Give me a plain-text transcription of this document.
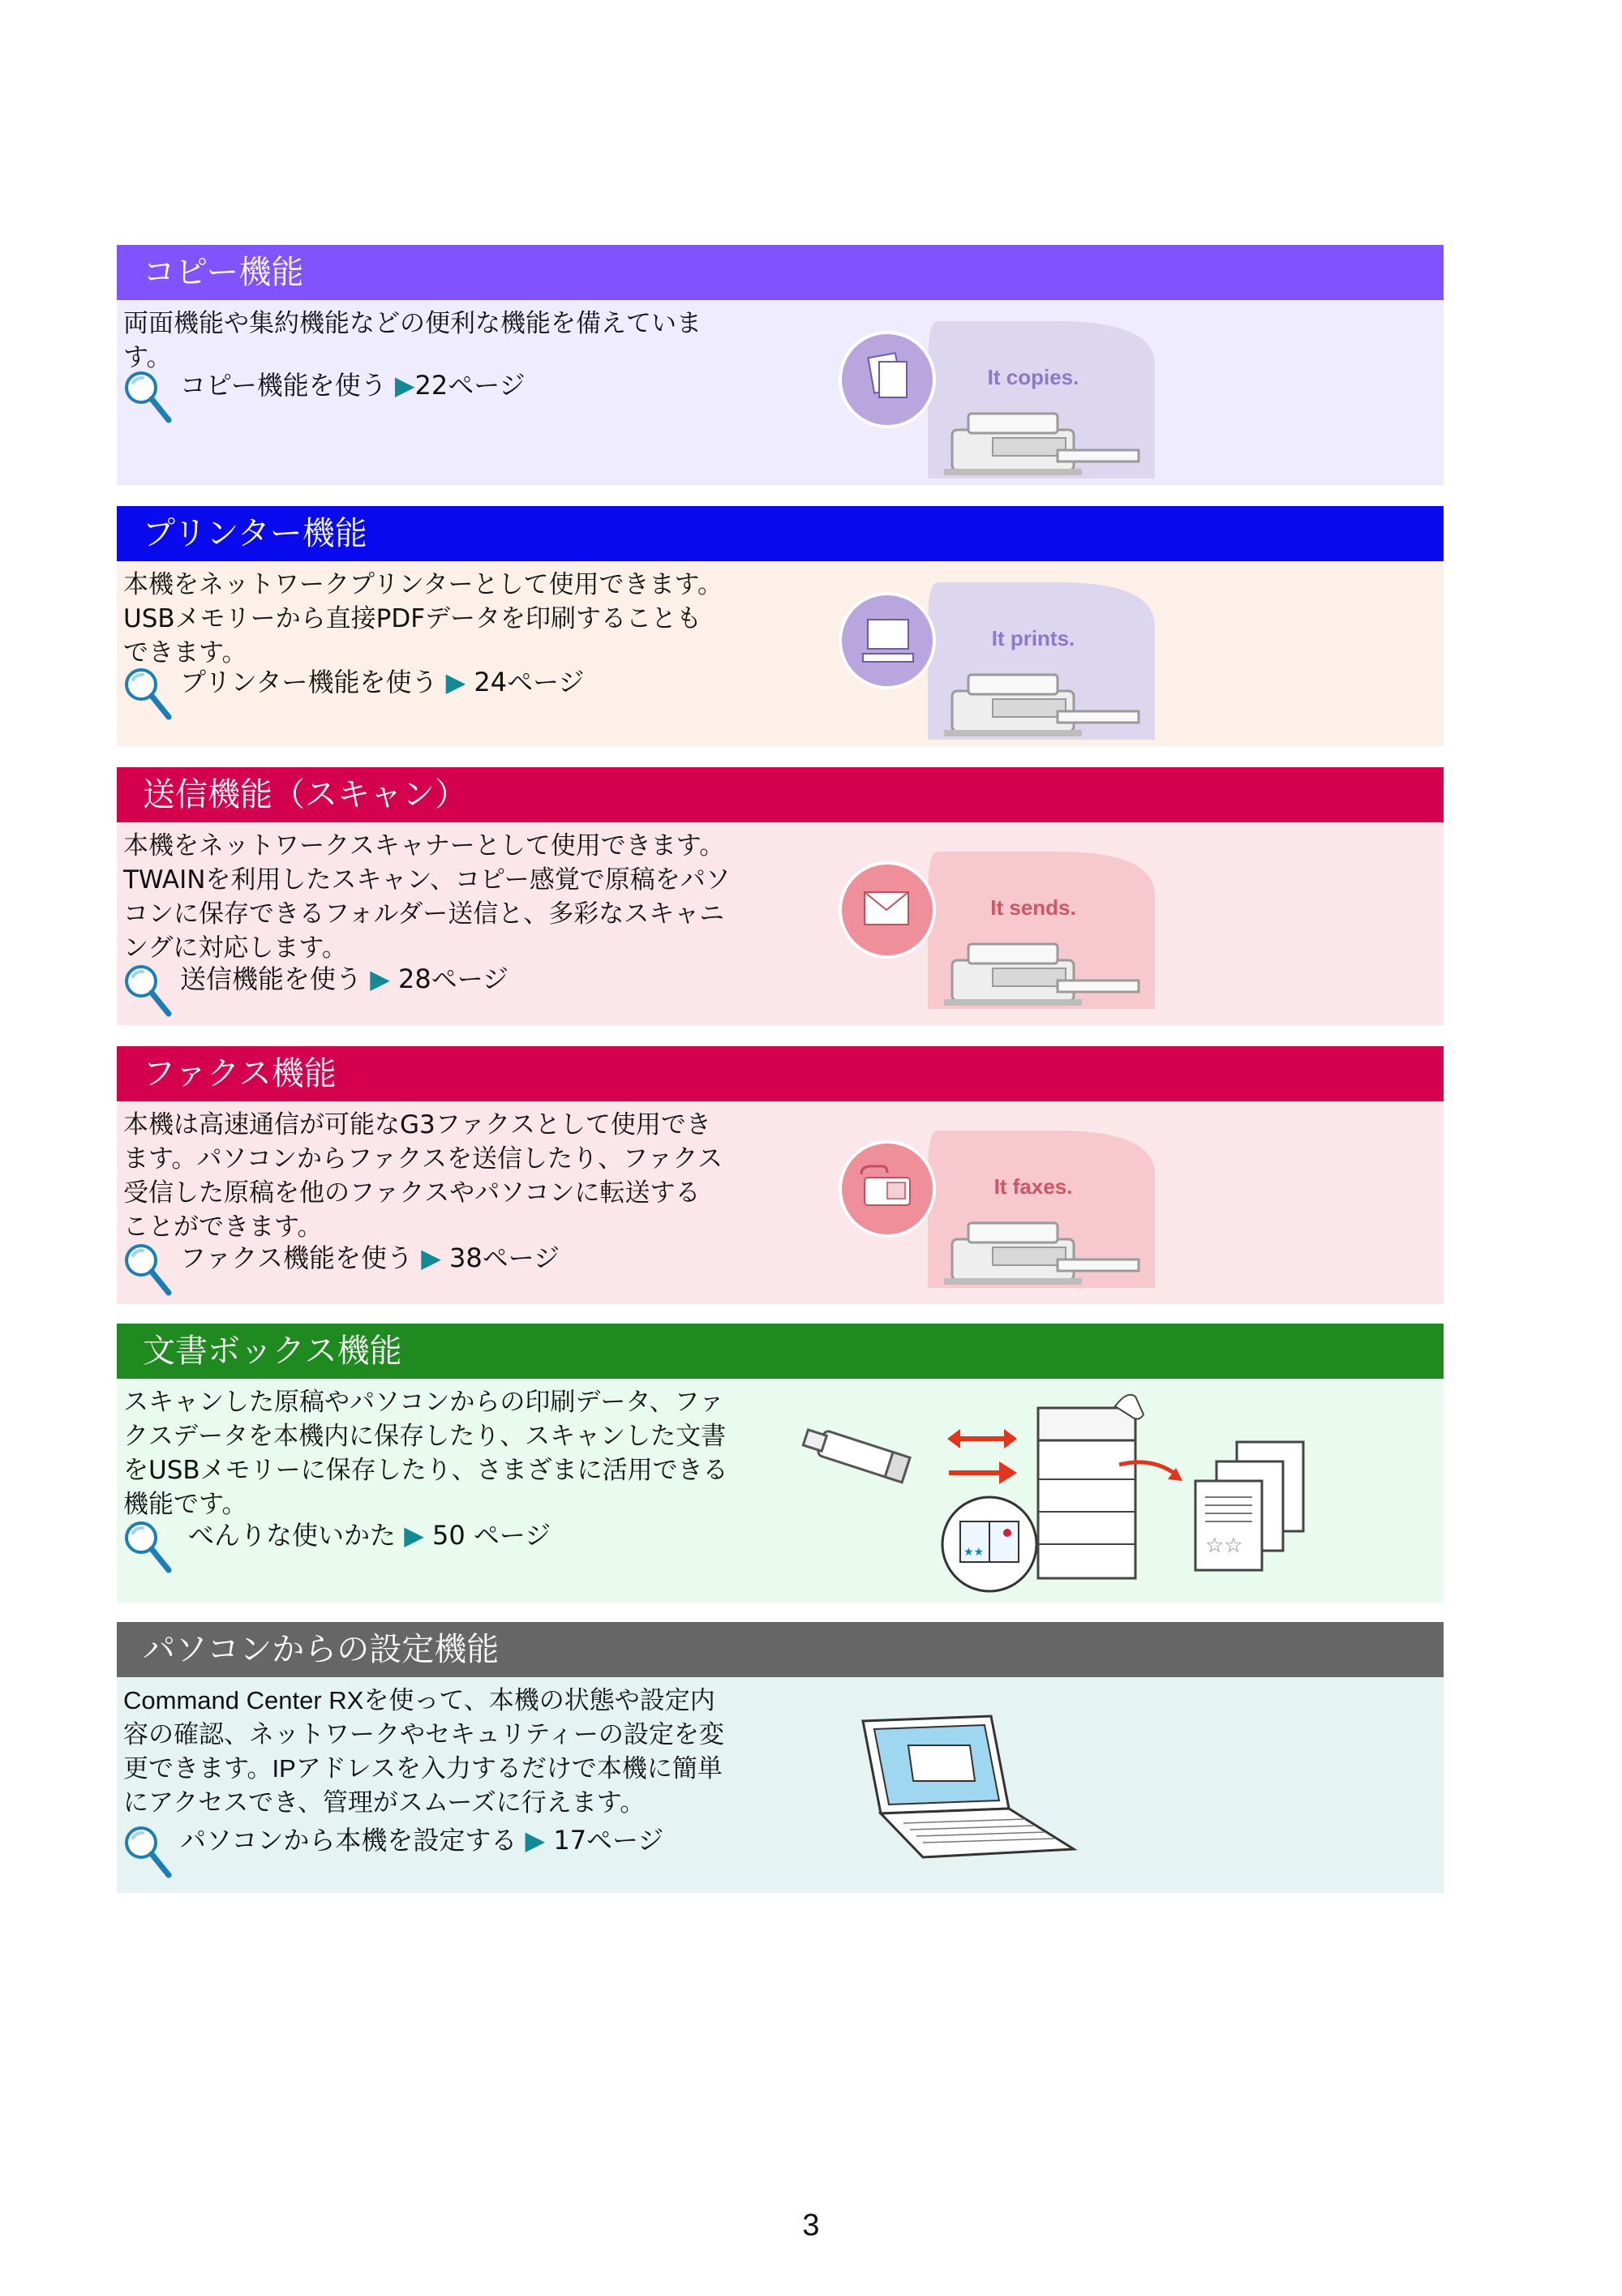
コピー機能

両面機能や集約機能などの便利な機能を備えていま
す。

コピー機能を使う ▶22ページ	It copies.
プリンター機能

本機をネットワークプリンターとして使用できます。
USBメモリーから直接PDFデータを印刷することも
できます。

プリンター機能を使う ▶ 24ページ
It prints.
送信機能（スキャン）

本機をネットワークスキャナーとして使用できます。
TWAINを利用したスキャン、コピー感覚で原稿をパソ
コンに保存できるフォルダー送信と、多彩なスキャニ
ングに対応します。

送信機能を使う ▶ 28ページ
It sends.
ファクス機能

本機は高速通信が可能なG3ファクスとして使用でき
ます。パソコンからファクスを送信したり、ファクス
受信した原稿を他のファクスやパソコンに転送する
ことができます。

ファクス機能を使う ▶ 38ページ
It faxes.
文書ボックス機能

スキャンした原稿やパソコンからの印刷データ、ファ
クスデータを本機内に保存したり、スキャンした文書
をUSBメモリーに保存したり、さまざまに活用できる
機能です。

べんりな使いかた ▶ 50 ページ
★★	☆☆
パソコンからの設定機能

Command Center RXを使って、本機の状態や設定内
容の確認、ネットワークやセキュリティーの設定を変
更できます。IPアドレスを入力するだけで本機に簡単
にアクセスでき、管理がスムーズに行えます。

パソコンから本機を設定する ▶ 17ページ
3
